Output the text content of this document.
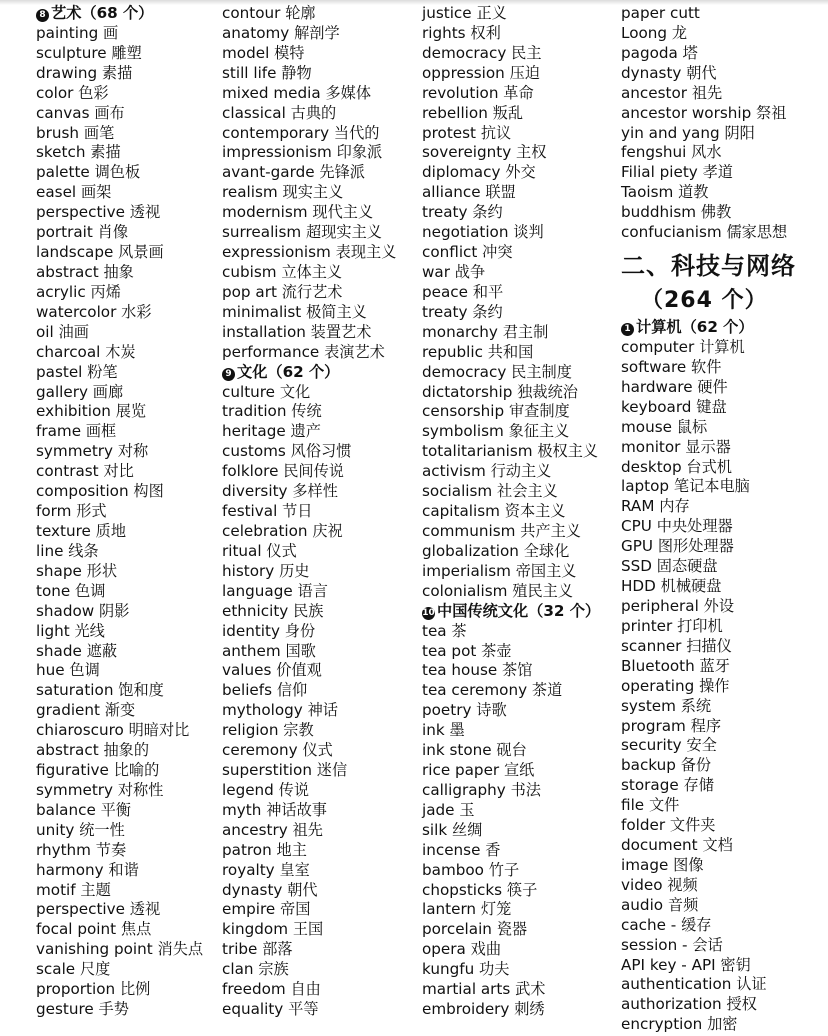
8 艺术（68 个）
painting 画
sculpture 雕塑
drawing 素描
color 色彩
canvas 画布
brush 画笔
sketch 素描
palette 调色板
easel 画架
perspective 透视
portrait 肖像
landscape 风景画
abstract 抽象
acrylic 丙烯
watercolor 水彩
oil 油画
charcoal 木炭
pastel 粉笔
gallery 画廊
exhibition 展览
frame 画框
symmetry 对称
contrast 对比
composition 构图
form 形式
texture 质地
line 线条
shape 形状
tone 色调
shadow 阴影
light 光线
shade 遮蔽
hue 色调
saturation 饱和度
gradient 渐变
chiaroscuro 明暗对比
abstract 抽象的
figurative 比喻的
symmetry 对称性
balance 平衡
unity 统一性
rhythm 节奏
harmony 和谐
motif 主题
perspective 透视
focal point 焦点
vanishing point 消失点
scale 尺度
proportion 比例
gesture 手势
contour 轮廓
anatomy 解剖学
model 模特
still life 静物
mixed media 多媒体
classical 古典的
contemporary 当代的
impressionism 印象派
avant-garde 先锋派
realism 现实主义
modernism 现代主义
surrealism 超现实主义
expressionism 表现主义
cubism 立体主义
pop art 流行艺术
minimalist 极简主义
installation 装置艺术
performance 表演艺术
9 文化（62 个）
culture 文化
tradition 传统
heritage 遗产
customs 风俗习惯
folklore 民间传说
diversity 多样性
festival 节日
celebration 庆祝
ritual 仪式
history 历史
language 语言
ethnicity 民族
identity 身份
anthem 国歌
values 价值观
beliefs 信仰
mythology 神话
religion 宗教
ceremony 仪式
superstition 迷信
legend 传说
myth 神话故事
ancestry 祖先
patron 地主
royalty 皇室
dynasty 朝代
empire 帝国
kingdom 王国
tribe 部落
clan 宗族
freedom 自由
equality 平等
justice 正义
rights 权利
democracy 民主
oppression 压迫
revolution 革命
rebellion 叛乱
protest 抗议
sovereignty 主权
diplomacy 外交
alliance 联盟
treaty 条约
negotiation 谈判
conflict 冲突
war 战争
peace 和平
treaty 条约
monarchy 君主制
republic 共和国
democracy 民主制度
dictatorship 独裁统治
censorship 审查制度
symbolism 象征主义
totalitarianism 极权主义
activism 行动主义
socialism 社会主义
capitalism 资本主义
communism 共产主义
globalization 全球化
imperialism 帝国主义
colonialism 殖民主义
10 中国传统文化（32 个）
tea 茶
tea pot 茶壶
tea house 茶馆
tea ceremony 茶道
poetry 诗歌
ink 墨
ink stone 砚台
rice paper 宣纸
calligraphy 书法
jade 玉
silk 丝绸
incense 香
bamboo 竹子
chopsticks 筷子
lantern 灯笼
porcelain 瓷器
opera 戏曲
kungfu 功夫
martial arts 武术
embroidery 刺绣
paper cutt
Loong 龙
pagoda 塔
dynasty 朝代
ancestor 祖先
ancestor worship 祭祖
yin and yang 阴阳
fengshui 风水
Filial piety 孝道
Taoism 道教
buddhism 佛教
confucianism 儒家思想
二、科技与网络
（264 个）
1 计算机（62 个）
computer 计算机
software 软件
hardware 硬件
keyboard 键盘
mouse 鼠标
monitor 显示器
desktop 台式机
laptop 笔记本电脑
RAM 内存
CPU 中央处理器
GPU 图形处理器
SSD 固态硬盘
HDD 机械硬盘
peripheral 外设
printer 打印机
scanner 扫描仪
Bluetooth 蓝牙
operating 操作
system 系统
program 程序
security 安全
backup 备份
storage 存储
file 文件
folder 文件夹
document 文档
image 图像
video 视频
audio 音频
cache - 缓存
session - 会话
API key - API 密钥
authentication 认证
authorization 授权
encryption 加密
